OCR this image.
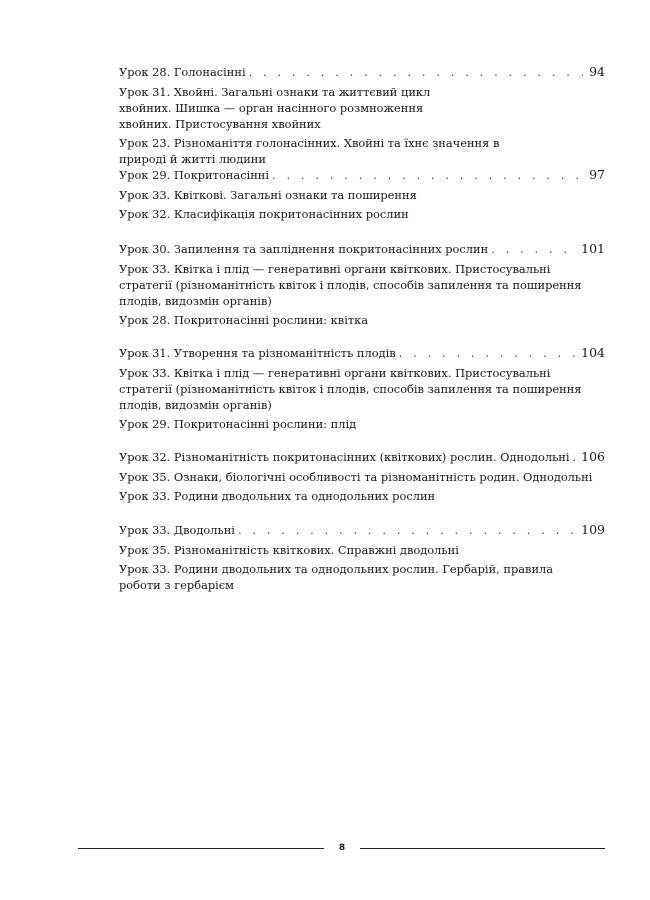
Урок 28. Голонасінні . . .	94
Урок 31. Хвойні. Загальні ознаки та життєвий цикл хвойних. Шишка — орган насінного розмноження хвойних. Пристосування хвойних
Урок 23. Різноманіття голонасінних. Хвойні та їхнє значення в природі й житті людини
Урок 29. Покритонасінні . . .	97
Урок 33. Квіткові. Загальні ознаки та поширення
Урок 32. Класифікація покритонасінних рослин
Урок 30. Запилення та запліднення покритонасінних рослин . . .	101
Урок 33. Квітка і плід — генеративні органи квіткових. Пристосувальні стратегії (різноманітність квіток і плодів, способів запилення та поширення плодів, видозмін органів)
Урок 28. Покритонасінні рослини: квітка
Урок 31. Утворення та різноманітність плодів . . .	104
Урок 33. Квітка і плід — генеративні органи квіткових. Пристосувальні стратегії (різноманітність квіток і плодів, способів запилення та поширення плодів, видозмін органів)
Урок 29. Покритонасінні рослини: плід
Урок 32. Різноманітність покритонасінних (квіткових) рослин. Однодольні . . . 106
Урок 35. Ознаки, біологічні особливості та різноманітність родин. Однодольні
Урок 33. Родини дводольних та однодольних рослин
Урок 33. Дводольні . . .	109
Урок 35. Різноманітність квіткових. Справжні дводольні
Урок 33. Родини дводольних та однодольних рослин. Гербарій, правила роботи з гербарієм
8
